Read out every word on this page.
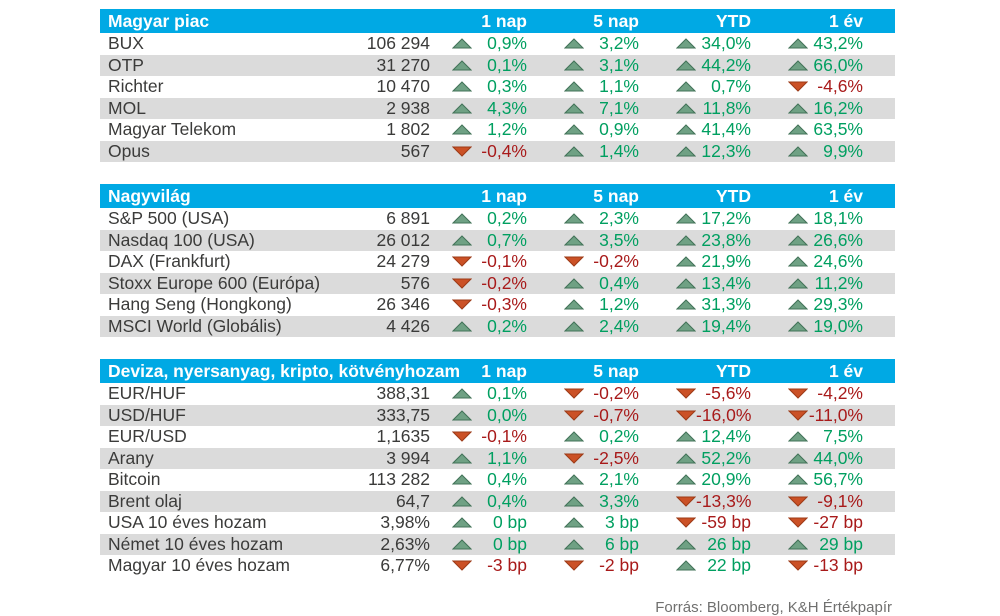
Magyar piac	1 nap	5 nap	YTD	1 év
BUX	106 294	0,9%	3,2%	34,0%	43,2%
OTP	31 270	0,1%	3,1%	44,2%	66,0%
Richter	10 470	0,3%	1,1%	0,7%	-4,6%
MOL	2 938	4,3%	7,1%	11,8%	16,2%
Magyar Telekom	1 802	1,2%	0,9%	41,4%	63,5%
Opus	567	-0,4%	1,4%	12,3%	9,9%
Nagyvilág	1 nap	5 nap	YTD	1 év
S&P 500 (USA)	6 891	0,2%	2,3%	17,2%	18,1%
Nasdaq 100 (USA)	26 012	0,7%	3,5%	23,8%	26,6%
DAX (Frankfurt)	24 279	-0,1%	-0,2%	21,9%	24,6%
Stoxx Europe 600 (Európa)	576	-0,2%	0,4%	13,4%	11,2%
Hang Seng (Hongkong)	26 346	-0,3%	1,2%	31,3%	29,3%
MSCI World (Globális)	4 426	0,2%	2,4%	19,4%	19,0%
Deviza, nyersanyag, kripto, kötvényhozam	1 nap	5 nap	YTD	1 év
EUR/HUF	388,31	0,1%	-0,2%	-5,6%	-4,2%
USD/HUF	333,75	0,0%	-0,7%	-16,0%	-11,0%
EUR/USD	1,1635	-0,1%	0,2%	12,4%	7,5%
Arany	3 994	1,1%	-2,5%	52,2%	44,0%
Bitcoin	113 282	0,4%	2,1%	20,9%	56,7%
Brent olaj	64,7	0,4%	3,3%	-13,3%	-9,1%
USA 10 éves hozam	3,98%	0 bp	3 bp	-59 bp	-27 bp
Német 10 éves hozam	2,63%	0 bp	6 bp	26 bp	29 bp
Magyar 10 éves hozam	6,77%	-3 bp	-2 bp	22 bp	-13 bp
Forrás: Bloomberg, K&H Értékpapír
